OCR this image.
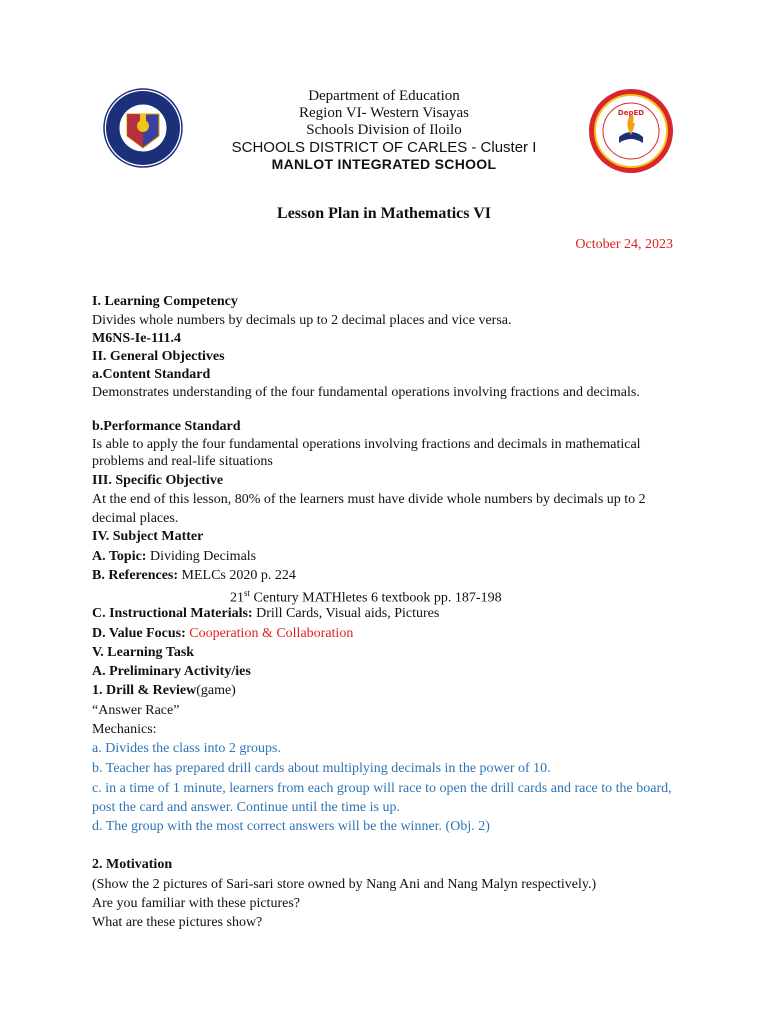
DepED
Department of Education
Region VI- Western Visayas
Schools Division of Iloilo
SCHOOLS DISTRICT OF CARLES - Cluster I
MANLOT INTEGRATED SCHOOL
Lesson Plan in Mathematics VI
October 24, 2023
I. Learning Competency
Divides whole numbers by decimals up to 2 decimal places and vice versa.
M6NS-Ie-111.4
II. General Objectives
a.Content Standard
Demonstrates understanding of the four fundamental operations involving fractions and decimals.
b.Performance Standard
Is able to apply the four fundamental operations involving fractions and decimals in mathematical problems and real-life situations
III. Specific Objective
At the end of this lesson, 80% of the learners must have divide whole numbers by decimals up to 2 decimal places.
IV. Subject Matter
A. Topic: Dividing Decimals
B. References: MELCs 2020 p. 224
21st Century MATHletes 6 textbook pp. 187-198
C. Instructional Materials: Drill Cards, Visual aids, Pictures
D. Value Focus: Cooperation & Collaboration
V. Learning Task
A. Preliminary Activity/ies
1. Drill & Review(game)
“Answer Race”
Mechanics:
a. Divides the class into 2 groups.
b. Teacher has prepared drill cards about multiplying decimals in the power of 10.
c. in a time of 1 minute, learners from each group will race to open the drill cards and race to the board, post the card and answer. Continue until the time is up.
d. The group with the most correct answers will be the winner. (Obj. 2)
2. Motivation
(Show the 2 pictures of Sari-sari store owned by Nang Ani and Nang Malyn respectively.)
Are you familiar with these pictures?
What are these pictures show?
